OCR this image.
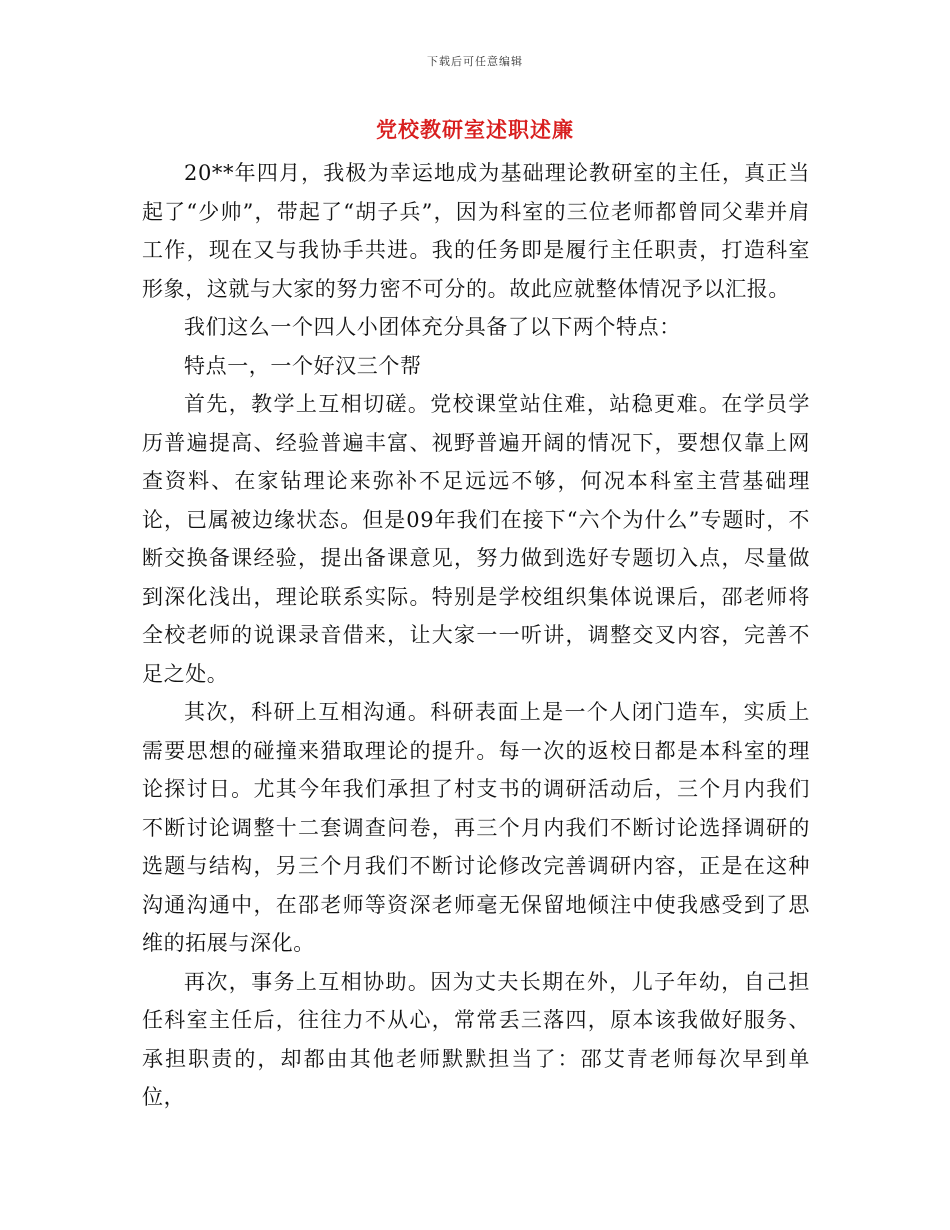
下载后可任意编辑
党校教研室述职述廉

20**年四月，我极为幸运地成为基础理论教研室的主任，真正当起了“少帅”，带起了“胡子兵”，因为科室的三位老师都曾同父辈并肩工作，现在又与我协手共进。我的任务即是履行主任职责，打造科室形象，这就与大家的努力密不可分的。故此应就整体情况予以汇报。

我们这么一个四人小团体充分具备了以下两个特点：

特点一，一个好汉三个帮

首先，教学上互相切磋。党校课堂站住难，站稳更难。在学员学历普遍提高、经验普遍丰富、视野普遍开阔的情况下，要想仅靠上网查资料、在家钻理论来弥补不足远远不够，何况本科室主营基础理论，已属被边缘状态。但是09年我们在接下“六个为什么”专题时，不断交换备课经验，提出备课意见，努力做到选好专题切入点，尽量做到深化浅出，理论联系实际。特别是学校组织集体说课后，邵老师将全校老师的说课录音借来，让大家一一听讲，调整交叉内容，完善不足之处。

其次，科研上互相沟通。科研表面上是一个人闭门造车，实质上需要思想的碰撞来猎取理论的提升。每一次的返校日都是本科室的理论探讨日。尤其今年我们承担了村支书的调研活动后，三个月内我们不断讨论调整十二套调查问卷，再三个月内我们不断讨论选择调研的选题与结构，另三个月我们不断讨论修改完善调研内容，正是在这种沟通沟通中，在邵老师等资深老师毫无保留地倾注中使我感受到了思维的拓展与深化。

再次，事务上互相协助。因为丈夫长期在外，儿子年幼，自己担任科室主任后，往往力不从心，常常丢三落四，原本该我做好服务、承担职责的，却都由其他老师默默担当了：邵艾青老师每次早到单位，
